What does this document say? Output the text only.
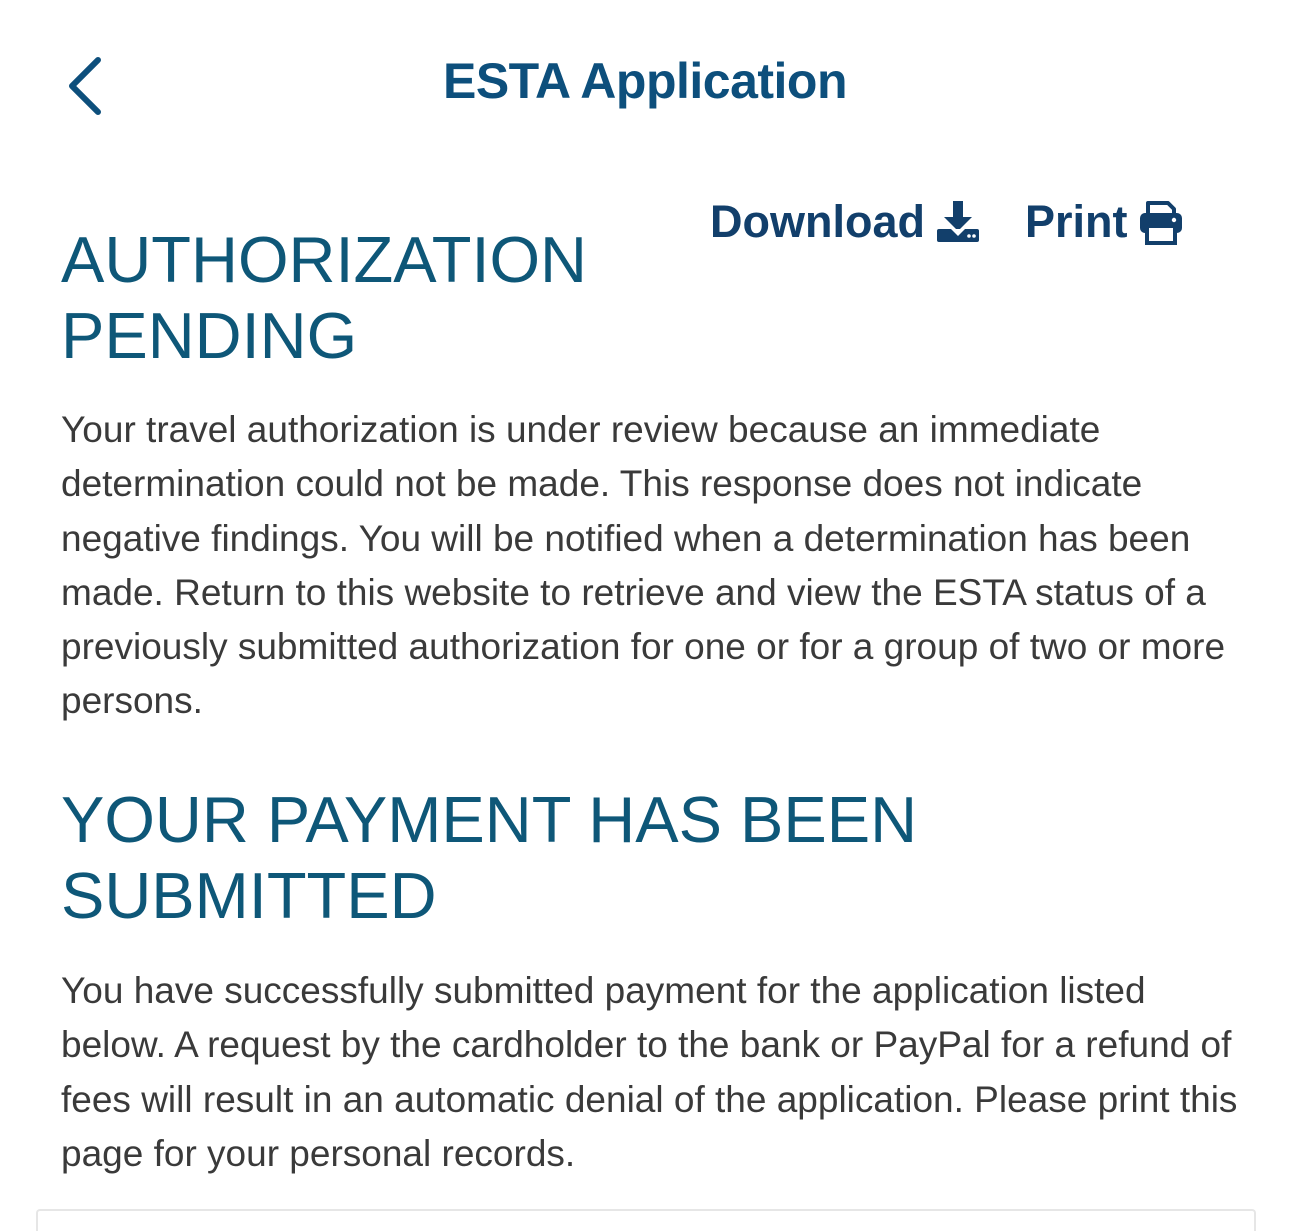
ESTA Application
Download Print
AUTHORIZATION
PENDING

Your travel authorization is under review because an immediate determination could not be made. This response does not indicate negative findings. You will be notified when a determination has been made. Return to this website to retrieve and view the ESTA status of a previously submitted authorization for one or for a group of two or more persons.

YOUR PAYMENT HAS BEEN
SUBMITTED

You have successfully submitted payment for the application listed below. A request by the cardholder to the bank or PayPal for a refund of fees will result in an automatic denial of the application. Please print this page for your personal records.
